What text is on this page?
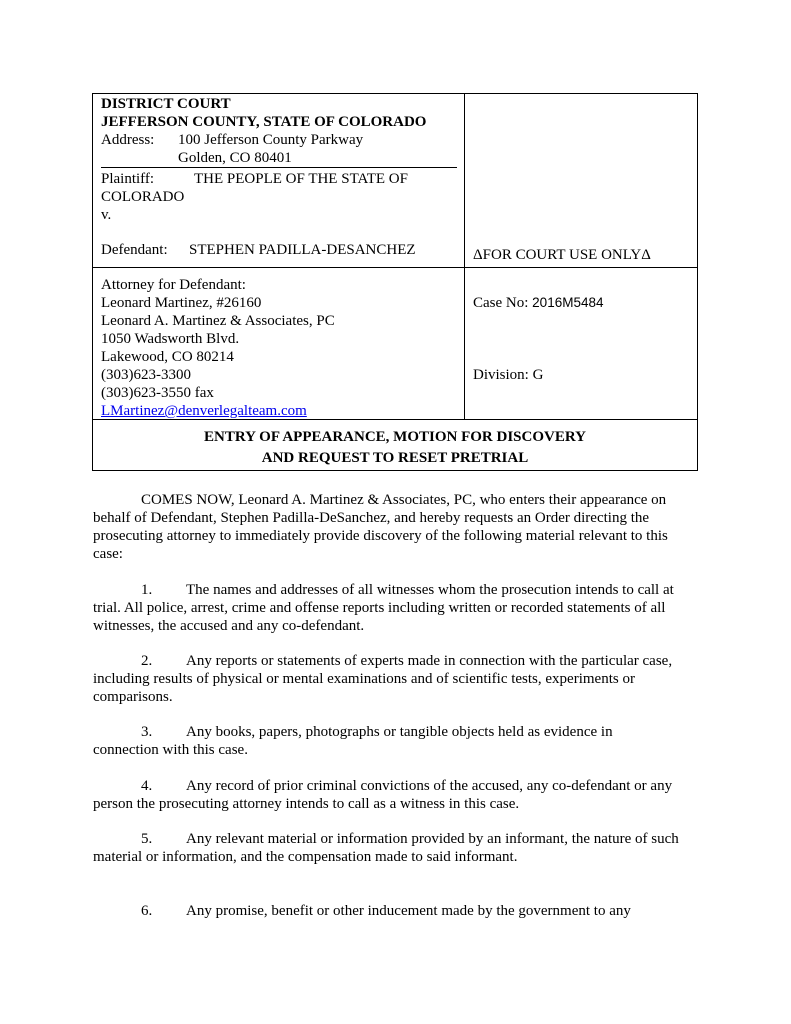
DISTRICT COURT
JEFFERSON COUNTY, STATE OF COLORADO
Address: 100 Jefferson County Parkway
Golden, CO 80401
Plaintiff:	THE PEOPLE OF THE STATE OF
COLORADO
v.
Defendant: STEPHEN PADILLA-DESANCHEZ	ΔFOR COURT USE ONLYΔ
Attorney for Defendant:
Leonard Martinez, #26160
Leonard A. Martinez & Associates, PC
1050 Wadsworth Blvd.
Lakewood, CO 80214
(303)623-3300
(303)623-3550 fax
LMartinez@denverlegalteam.com
Case No: 2016M5484
Division: G
ENTRY OF APPEARANCE, MOTION FOR DISCOVERY
AND REQUEST TO RESET PRETRIAL
COMES NOW, Leonard A. Martinez & Associates, PC, who enters their appearance on
behalf of Defendant, Stephen Padilla-DeSanchez, and hereby requests an Order directing the
prosecuting attorney to immediately provide discovery of the following material relevant to this
case:
1. The names and addresses of all witnesses whom the prosecution intends to call at
trial. All police, arrest, crime and offense reports including written or recorded statements of all
witnesses, the accused and any co-defendant.
2. Any reports or statements of experts made in connection with the particular case,
including results of physical or mental examinations and of scientific tests, experiments or
comparisons.
3. Any books, papers, photographs or tangible objects held as evidence in
connection with this case.
4. Any record of prior criminal convictions of the accused, any co-defendant or any
person the prosecuting attorney intends to call as a witness in this case.
5. Any relevant material or information provided by an informant, the nature of such
material or information, and the compensation made to said informant.
6. Any promise, benefit or other inducement made by the government to any
